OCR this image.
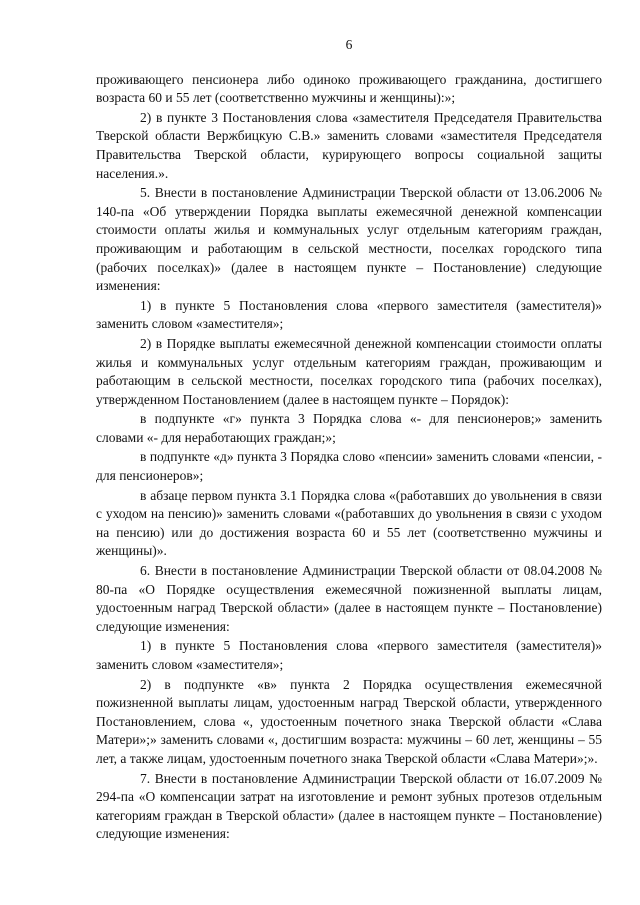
6

проживающего пенсионера либо одиноко проживающего гражданина, достигшего возраста 60 и 55 лет (соответственно мужчины и женщины):»;

2) в пункте 3 Постановления слова «заместителя Председателя Правительства Тверской области Вержбицкую С.В.» заменить словами «заместителя Председателя Правительства Тверской области, курирующего вопросы социальной защиты населения.».

5. Внести в постановление Администрации Тверской области от 13.06.2006 № 140-па «Об утверждении Порядка выплаты ежемесячной денежной компенсации стоимости оплаты жилья и коммунальных услуг отдельным категориям граждан, проживающим и работающим в сельской местности, поселках городского типа (рабочих поселках)» (далее в настоящем пункте – Постановление) следующие изменения:

1) в пункте 5 Постановления слова «первого заместителя (заместителя)» заменить словом «заместителя»;

2) в Порядке выплаты ежемесячной денежной компенсации стоимости оплаты жилья и коммунальных услуг отдельным категориям граждан, проживающим и работающим в сельской местности, поселках городского типа (рабочих поселках), утвержденном Постановлением (далее в настоящем пункте – Порядок):

в подпункте «г» пункта 3 Порядка слова «- для пенсионеров;» заменить словами «- для неработающих граждан;»;

в подпункте «д» пункта 3 Порядка слово «пенсии» заменить словами «пенсии, - для пенсионеров»;

в абзаце первом пункта 3.1 Порядка слова «(работавших до увольнения в связи с уходом на пенсию)» заменить словами «(работавших до увольнения в связи с уходом на пенсию) или до достижения возраста 60 и 55 лет (соответственно мужчины и женщины)».

6. Внести в постановление Администрации Тверской области от 08.04.2008 № 80-па «О Порядке осуществления ежемесячной пожизненной выплаты лицам, удостоенным наград Тверской области» (далее в настоящем пункте – Постановление) следующие изменения:

1) в пункте 5 Постановления слова «первого заместителя (заместителя)» заменить словом «заместителя»;

2) в подпункте «в» пункта 2 Порядка осуществления ежемесячной пожизненной выплаты лицам, удостоенным наград Тверской области, утвержденного Постановлением, слова «, удостоенным почетного знака Тверской области «Слава Матери»;» заменить словами «, достигшим возраста: мужчины – 60 лет, женщины – 55 лет, а также лицам, удостоенным почетного знака Тверской области «Слава Матери»;».

7. Внести в постановление Администрации Тверской области от 16.07.2009 № 294-па «О компенсации затрат на изготовление и ремонт зубных протезов отдельным категориям граждан в Тверской области» (далее в настоящем пункте – Постановление) следующие изменения:
